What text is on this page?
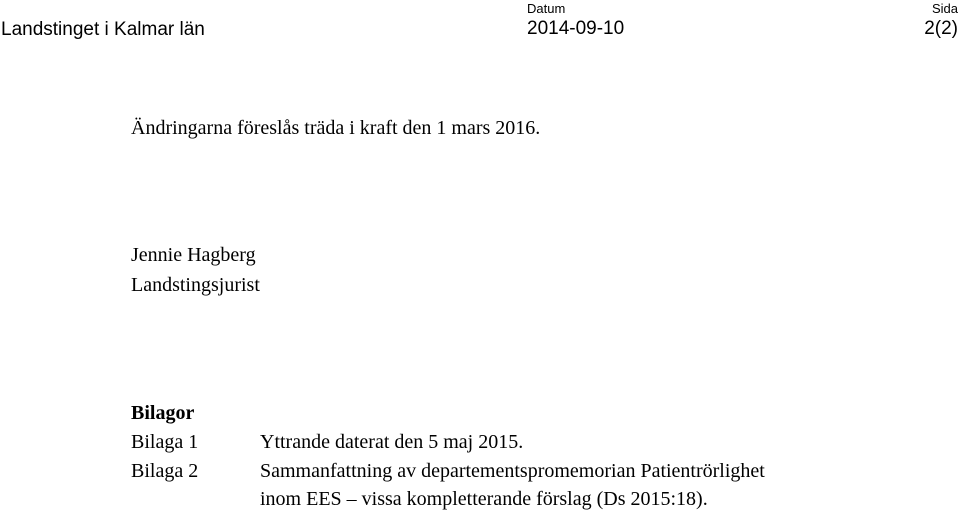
Landstinget i Kalmar län
Datum
2014-09-10
Sida
2(2)
Ändringarna föreslås träda i kraft den 1 mars 2016.
Jennie Hagberg
Landstingsjurist
Bilagor
Bilaga 1	Yttrande daterat den 5 maj 2015.
Bilaga 2	Sammanfattning av departementspromemorian Patientrörlighet
inom EES – vissa kompletterande förslag (Ds 2015:18).
